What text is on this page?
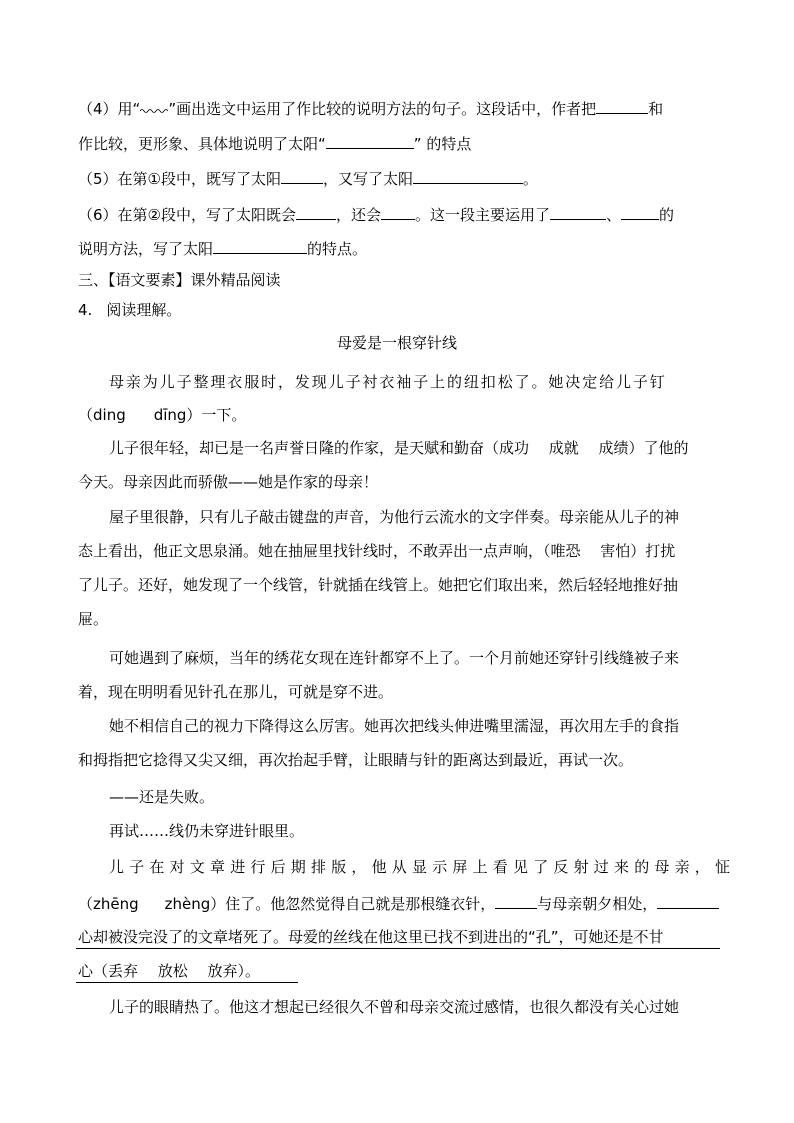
（4）用“ ”画出选文中运用了作比较的说明方法的句子。这段话中，作者把	和
作比较，更形象、具体地说明了太阳“	” 的特点
（5）在第①段中，既写了太阳	，又写了太阳	。
（6）在第②段中，写了太阳既会	，还会 。这一段主要运用了	、	的
说明方法，写了太阳	的特点。
三、【语文要素】课外精品阅读
4. 阅读理解。
母爱是一根穿针线
母亲为儿子整理衣服时，发现儿子衬衣袖子上的纽扣松了。她决定给儿子钉
（ding dīng）一下。
儿子很年轻，却已是一名声誉日隆的作家，是天赋和勤奋（成功　 成就　 成绩）了他的
今天。母亲因此而骄傲——她是作家的母亲！
屋子里很静，只有儿子敲击键盘的声音，为他行云流水的文字伴奏。母亲能从儿子的神
态上看出，他正文思泉涌。她在抽屉里找针线时，不敢弄出一点声响，（唯恐　 害怕）打扰
了儿子。还好，她发现了一个线管，针就插在线管上。她把它们取出来，然后轻轻地推好抽
屉。
可她遇到了麻烦，当年的绣花女现在连针都穿不上了。一个月前她还穿针引线缝被子来
着，现在明明看见针孔在那儿，可就是穿不进。
她不相信自己的视力下降得这么厉害。她再次把线头伸进嘴里濡湿，再次用左手的食指
和拇指把它捻得又尖又细，再次抬起手臂，让眼睛与针的距离达到最近，再试一次。
——还是失败。
再试……线仍未穿进针眼里。
儿子在对文章进行后期排版，他从显示屏上看见了反射过来的母亲，怔
（zhēng zhèng）住了。他忽然觉得自己就是那根缝衣针，	与母亲朝夕相处，
心却被没完没了的文章堵死了。母爱的丝线在他这里已找不到进出的“孔”，可她还是不甘
心（丢弃　 放松　 放弃）。
儿子的眼睛热了。他这才想起已经很久不曾和母亲交流过感情，也很久都没有关心过她
